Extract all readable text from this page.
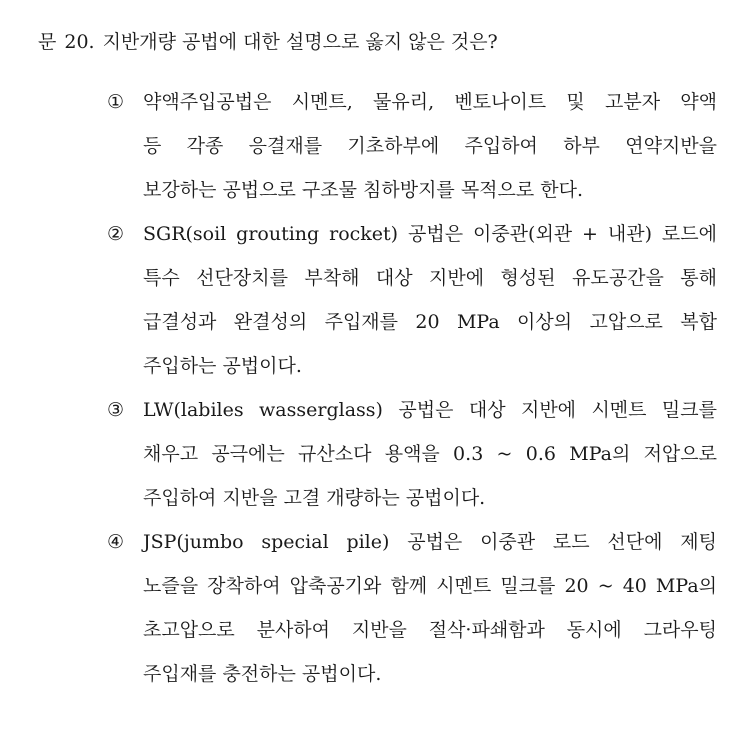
문 20. 지반개량 공법에 대한 설명으로 옳지 않은 것은?
① 약액주입공법은 시멘트, 물유리, 벤토나이트 및 고분자 약액
등 각종 응결재를 기초하부에 주입하여 하부 연약지반을
보강하는 공법으로 구조물 침하방지를 목적으로 한다.
② SGR(soil grouting rocket) 공법은 이중관(외관 + 내관) 로드에
특수 선단장치를 부착해 대상 지반에 형성된 유도공간을 통해
급결성과 완결성의 주입재를 20 MPa 이상의 고압으로 복합
주입하는 공법이다.
③ LW(labiles wasserglass) 공법은 대상 지반에 시멘트 밀크를
채우고 공극에는 규산소다 용액을 0.3 ~ 0.6 MPa의 저압으로
주입하여 지반을 고결 개량하는 공법이다.
④ JSP(jumbo special pile) 공법은 이중관 로드 선단에 제팅
노즐을 장착하여 압축공기와 함께 시멘트 밀크를 20 ~ 40 MPa의
초고압으로 분사하여 지반을 절삭·파쇄함과 동시에 그라우팅
주입재를 충전하는 공법이다.
